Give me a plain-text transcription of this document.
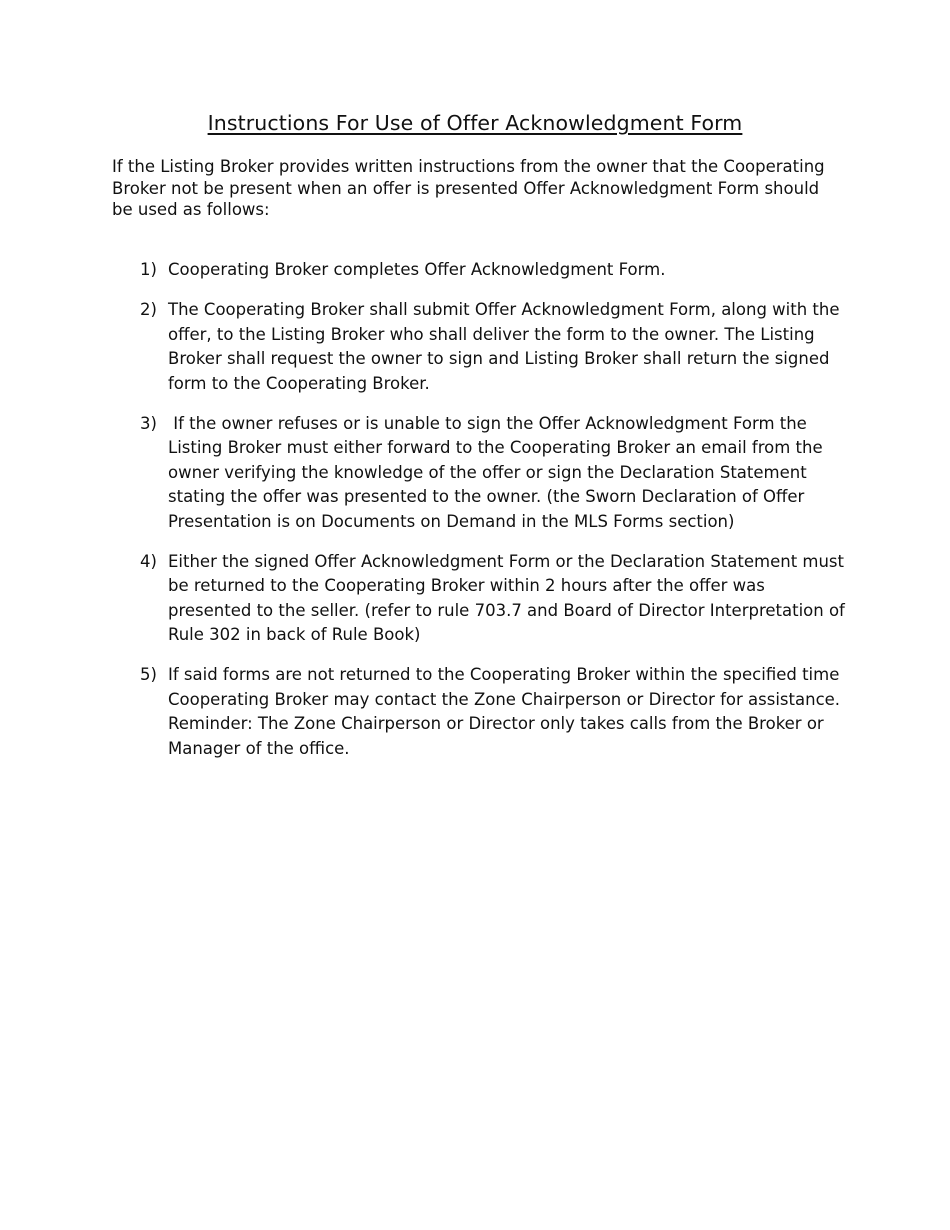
Instructions For Use of Offer Acknowledgment Form

If the Listing Broker provides written instructions from the owner that the Cooperating Broker not be present when an offer is presented Offer Acknowledgment Form should be used as follows:

1) Cooperating Broker completes Offer Acknowledgment Form.
2) The Cooperating Broker shall submit Offer Acknowledgment Form, along with the offer, to the Listing Broker who shall deliver the form to the owner. The Listing Broker shall request the owner to sign and Listing Broker shall return the signed form to the Cooperating Broker.
3) If the owner refuses or is unable to sign the Offer Acknowledgment Form the Listing Broker must either forward to the Cooperating Broker an email from the owner verifying the knowledge of the offer or sign the Declaration Statement stating the offer was presented to the owner. (the Sworn Declaration of Offer Presentation is on Documents on Demand in the MLS Forms section)
4) Either the signed Offer Acknowledgment Form or the Declaration Statement must be returned to the Cooperating Broker within 2 hours after the offer was presented to the seller. (refer to rule 703.7 and Board of Director Interpretation of Rule 302 in back of Rule Book)
5) If said forms are not returned to the Cooperating Broker within the specified time Cooperating Broker may contact the Zone Chairperson or Director for assistance. Reminder: The Zone Chairperson or Director only takes calls from the Broker or Manager of the office.
